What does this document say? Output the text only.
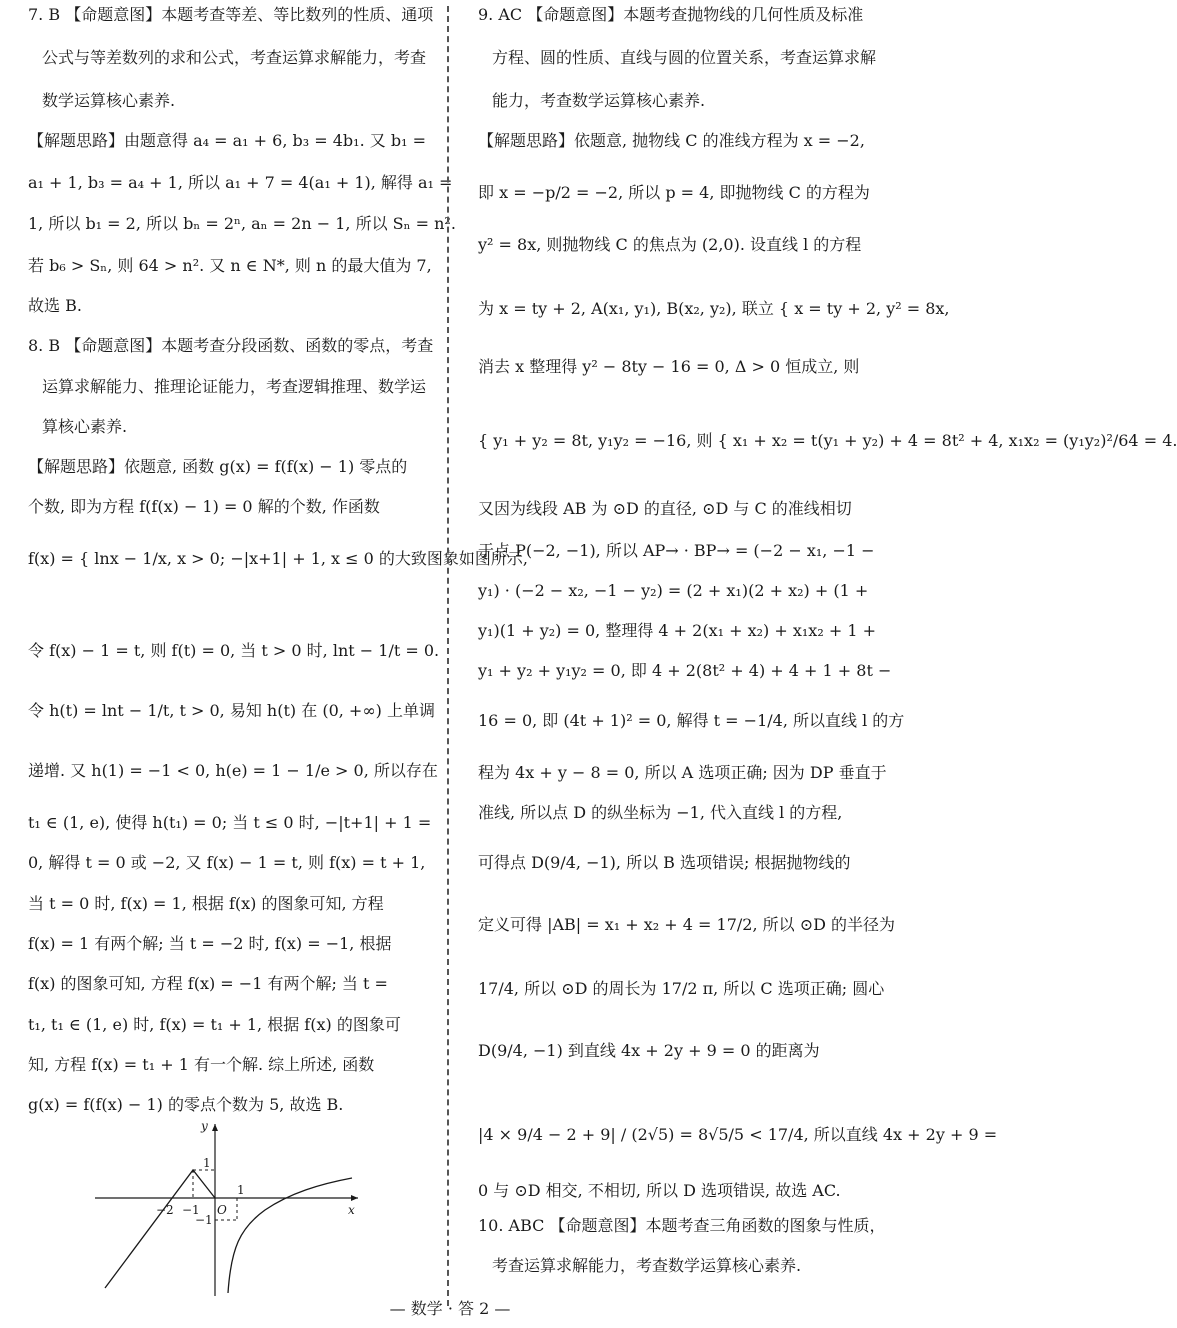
7. B 【命题意图】本题考查等差、等比数列的性质、通项
公式与等差数列的求和公式，考查运算求解能力，考查
数学运算核心素养.
【解题思路】由题意得 a₄ = a₁ + 6, b₃ = 4b₁. 又 b₁ =
a₁ + 1, b₃ = a₄ + 1, 所以 a₁ + 7 = 4(a₁ + 1), 解得 a₁ =
1, 所以 b₁ = 2, 所以 bₙ = 2ⁿ, aₙ = 2n − 1, 所以 Sₙ = n².
若 b₆ > Sₙ, 则 64 > n². 又 n ∈ N*, 则 n 的最大值为 7,
故选 B.
8. B 【命题意图】本题考查分段函数、函数的零点，考查
运算求解能力、推理论证能力，考查逻辑推理、数学运
算核心素养.
【解题思路】依题意, 函数 g(x) = f(f(x) − 1) 零点的
个数, 即为方程 f(f(x) − 1) = 0 解的个数, 作函数
f(x) = { lnx − 1/x, x > 0; −|x+1| + 1, x ≤ 0 的大致图象如图所示,
令 f(x) − 1 = t, 则 f(t) = 0, 当 t > 0 时, lnt − 1/t = 0.
令 h(t) = lnt − 1/t, t > 0, 易知 h(t) 在 (0, +∞) 上单调
递增. 又 h(1) = −1 < 0, h(e) = 1 − 1/e > 0, 所以存在
t₁ ∈ (1, e), 使得 h(t₁) = 0; 当 t ≤ 0 时, −|t+1| + 1 =
0, 解得 t = 0 或 −2, 又 f(x) − 1 = t, 则 f(x) = t + 1,
当 t = 0 时, f(x) = 1, 根据 f(x) 的图象可知, 方程
f(x) = 1 有两个解; 当 t = −2 时, f(x) = −1, 根据
f(x) 的图象可知, 方程 f(x) = −1 有两个解; 当 t =
t₁, t₁ ∈ (1, e) 时, f(x) = t₁ + 1, 根据 f(x) 的图象可
知, 方程 f(x) = t₁ + 1 有一个解. 综上所述, 函数
g(x) = f(f(x) − 1) 的零点个数为 5, 故选 B.
9. AC 【命题意图】本题考查抛物线的几何性质及标准
方程、圆的性质、直线与圆的位置关系，考查运算求解
能力，考查数学运算核心素养.
【解题思路】依题意, 抛物线 C 的准线方程为 x = −2,
即 x = −p/2 = −2, 所以 p = 4, 即抛物线 C 的方程为
y² = 8x, 则抛物线 C 的焦点为 (2,0). 设直线 l 的方程
为 x = ty + 2, A(x₁, y₁), B(x₂, y₂), 联立 { x = ty + 2, y² = 8x,
消去 x 整理得 y² − 8ty − 16 = 0, Δ > 0 恒成立, 则
{ y₁ + y₂ = 8t, y₁y₂ = −16, 则 { x₁ + x₂ = t(y₁ + y₂) + 4 = 8t² + 4, x₁x₂ = (y₁y₂)²/64 = 4.
又因为线段 AB 为 ⊙D 的直径, ⊙D 与 C 的准线相切
于点 P(−2, −1), 所以 AP→ · BP→ = (−2 − x₁, −1 −
y₁) · (−2 − x₂, −1 − y₂) = (2 + x₁)(2 + x₂) + (1 +
y₁)(1 + y₂) = 0, 整理得 4 + 2(x₁ + x₂) + x₁x₂ + 1 +
y₁ + y₂ + y₁y₂ = 0, 即 4 + 2(8t² + 4) + 4 + 1 + 8t −
16 = 0, 即 (4t + 1)² = 0, 解得 t = −1/4, 所以直线 l 的方
程为 4x + y − 8 = 0, 所以 A 选项正确; 因为 DP 垂直于
准线, 所以点 D 的纵坐标为 −1, 代入直线 l 的方程,
可得点 D(9/4, −1), 所以 B 选项错误; 根据抛物线的
定义可得 |AB| = x₁ + x₂ + 4 = 17/2, 所以 ⊙D 的半径为
17/4, 所以 ⊙D 的周长为 17/2 π, 所以 C 选项正确; 圆心
D(9/4, −1) 到直线 4x + 2y + 9 = 0 的距离为
|4 × 9/4 − 2 + 9| / (2√5) = 8√5/5 < 17/4, 所以直线 4x + 2y + 9 =
0 与 ⊙D 相交, 不相切, 所以 D 选项错误, 故选 AC.
10. ABC 【命题意图】本题考查三角函数的图象与性质，
考查运算求解能力，考查数学运算核心素养.
y
x
O
−2 −1
1
1
−1
— 数学 · 答 2 —
